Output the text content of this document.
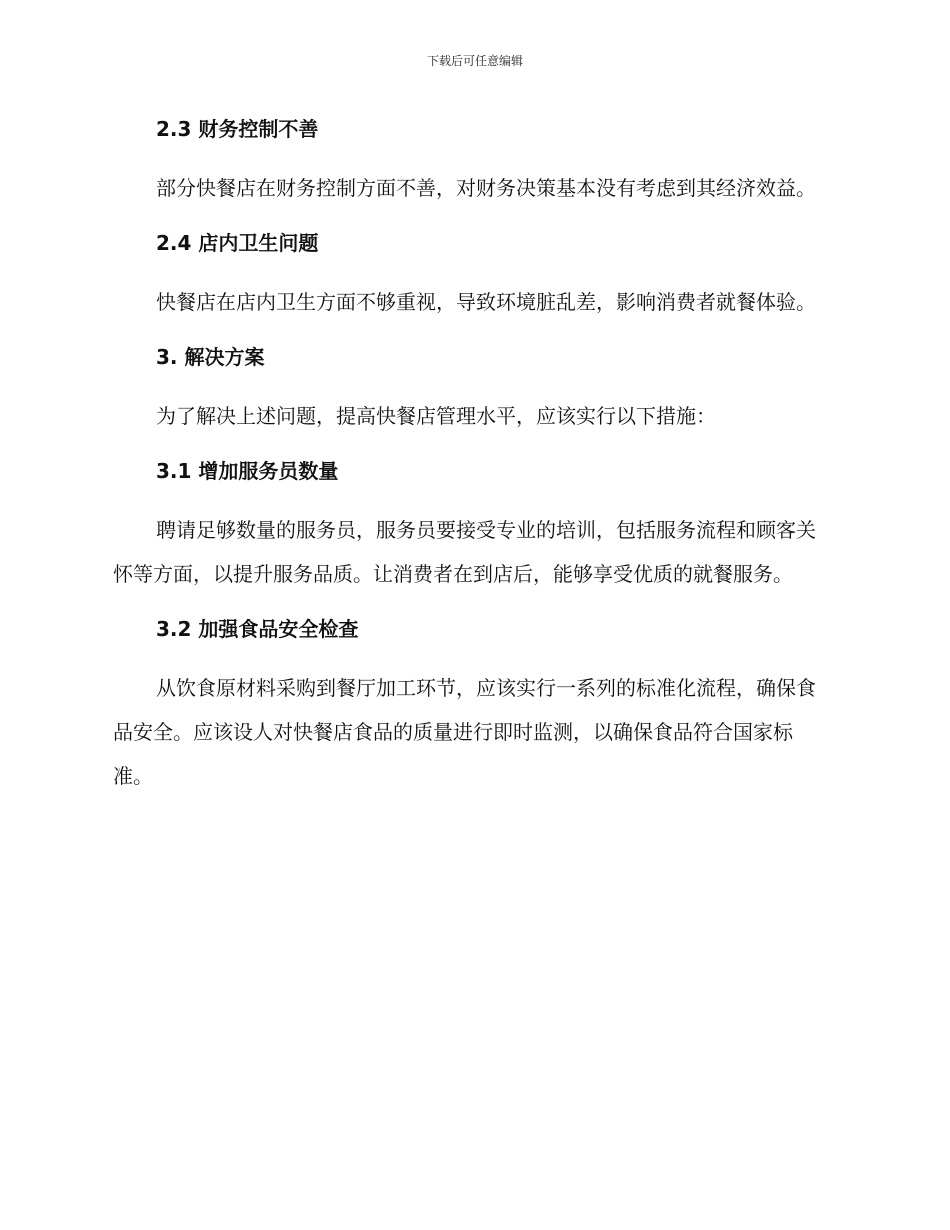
下载后可任意编辑
2.3 财务控制不善

部分快餐店在财务控制方面不善，对财务决策基本没有考虑到其经济效益。

2.4 店内卫生问题

快餐店在店内卫生方面不够重视，导致环境脏乱差，影响消费者就餐体验。

3. 解决方案

为了解决上述问题，提高快餐店管理水平，应该实行以下措施：

3.1 增加服务员数量

聘请足够数量的服务员，服务员要接受专业的培训，包括服务流程和顾客关怀等方面，以提升服务品质。让消费者在到店后，能够享受优质的就餐服务。

3.2 加强食品安全检查

从饮食原材料采购到餐厅加工环节，应该实行一系列的标准化流程，确保食品安全。应该设人对快餐店食品的质量进行即时监测，以确保食品符合国家标准。
